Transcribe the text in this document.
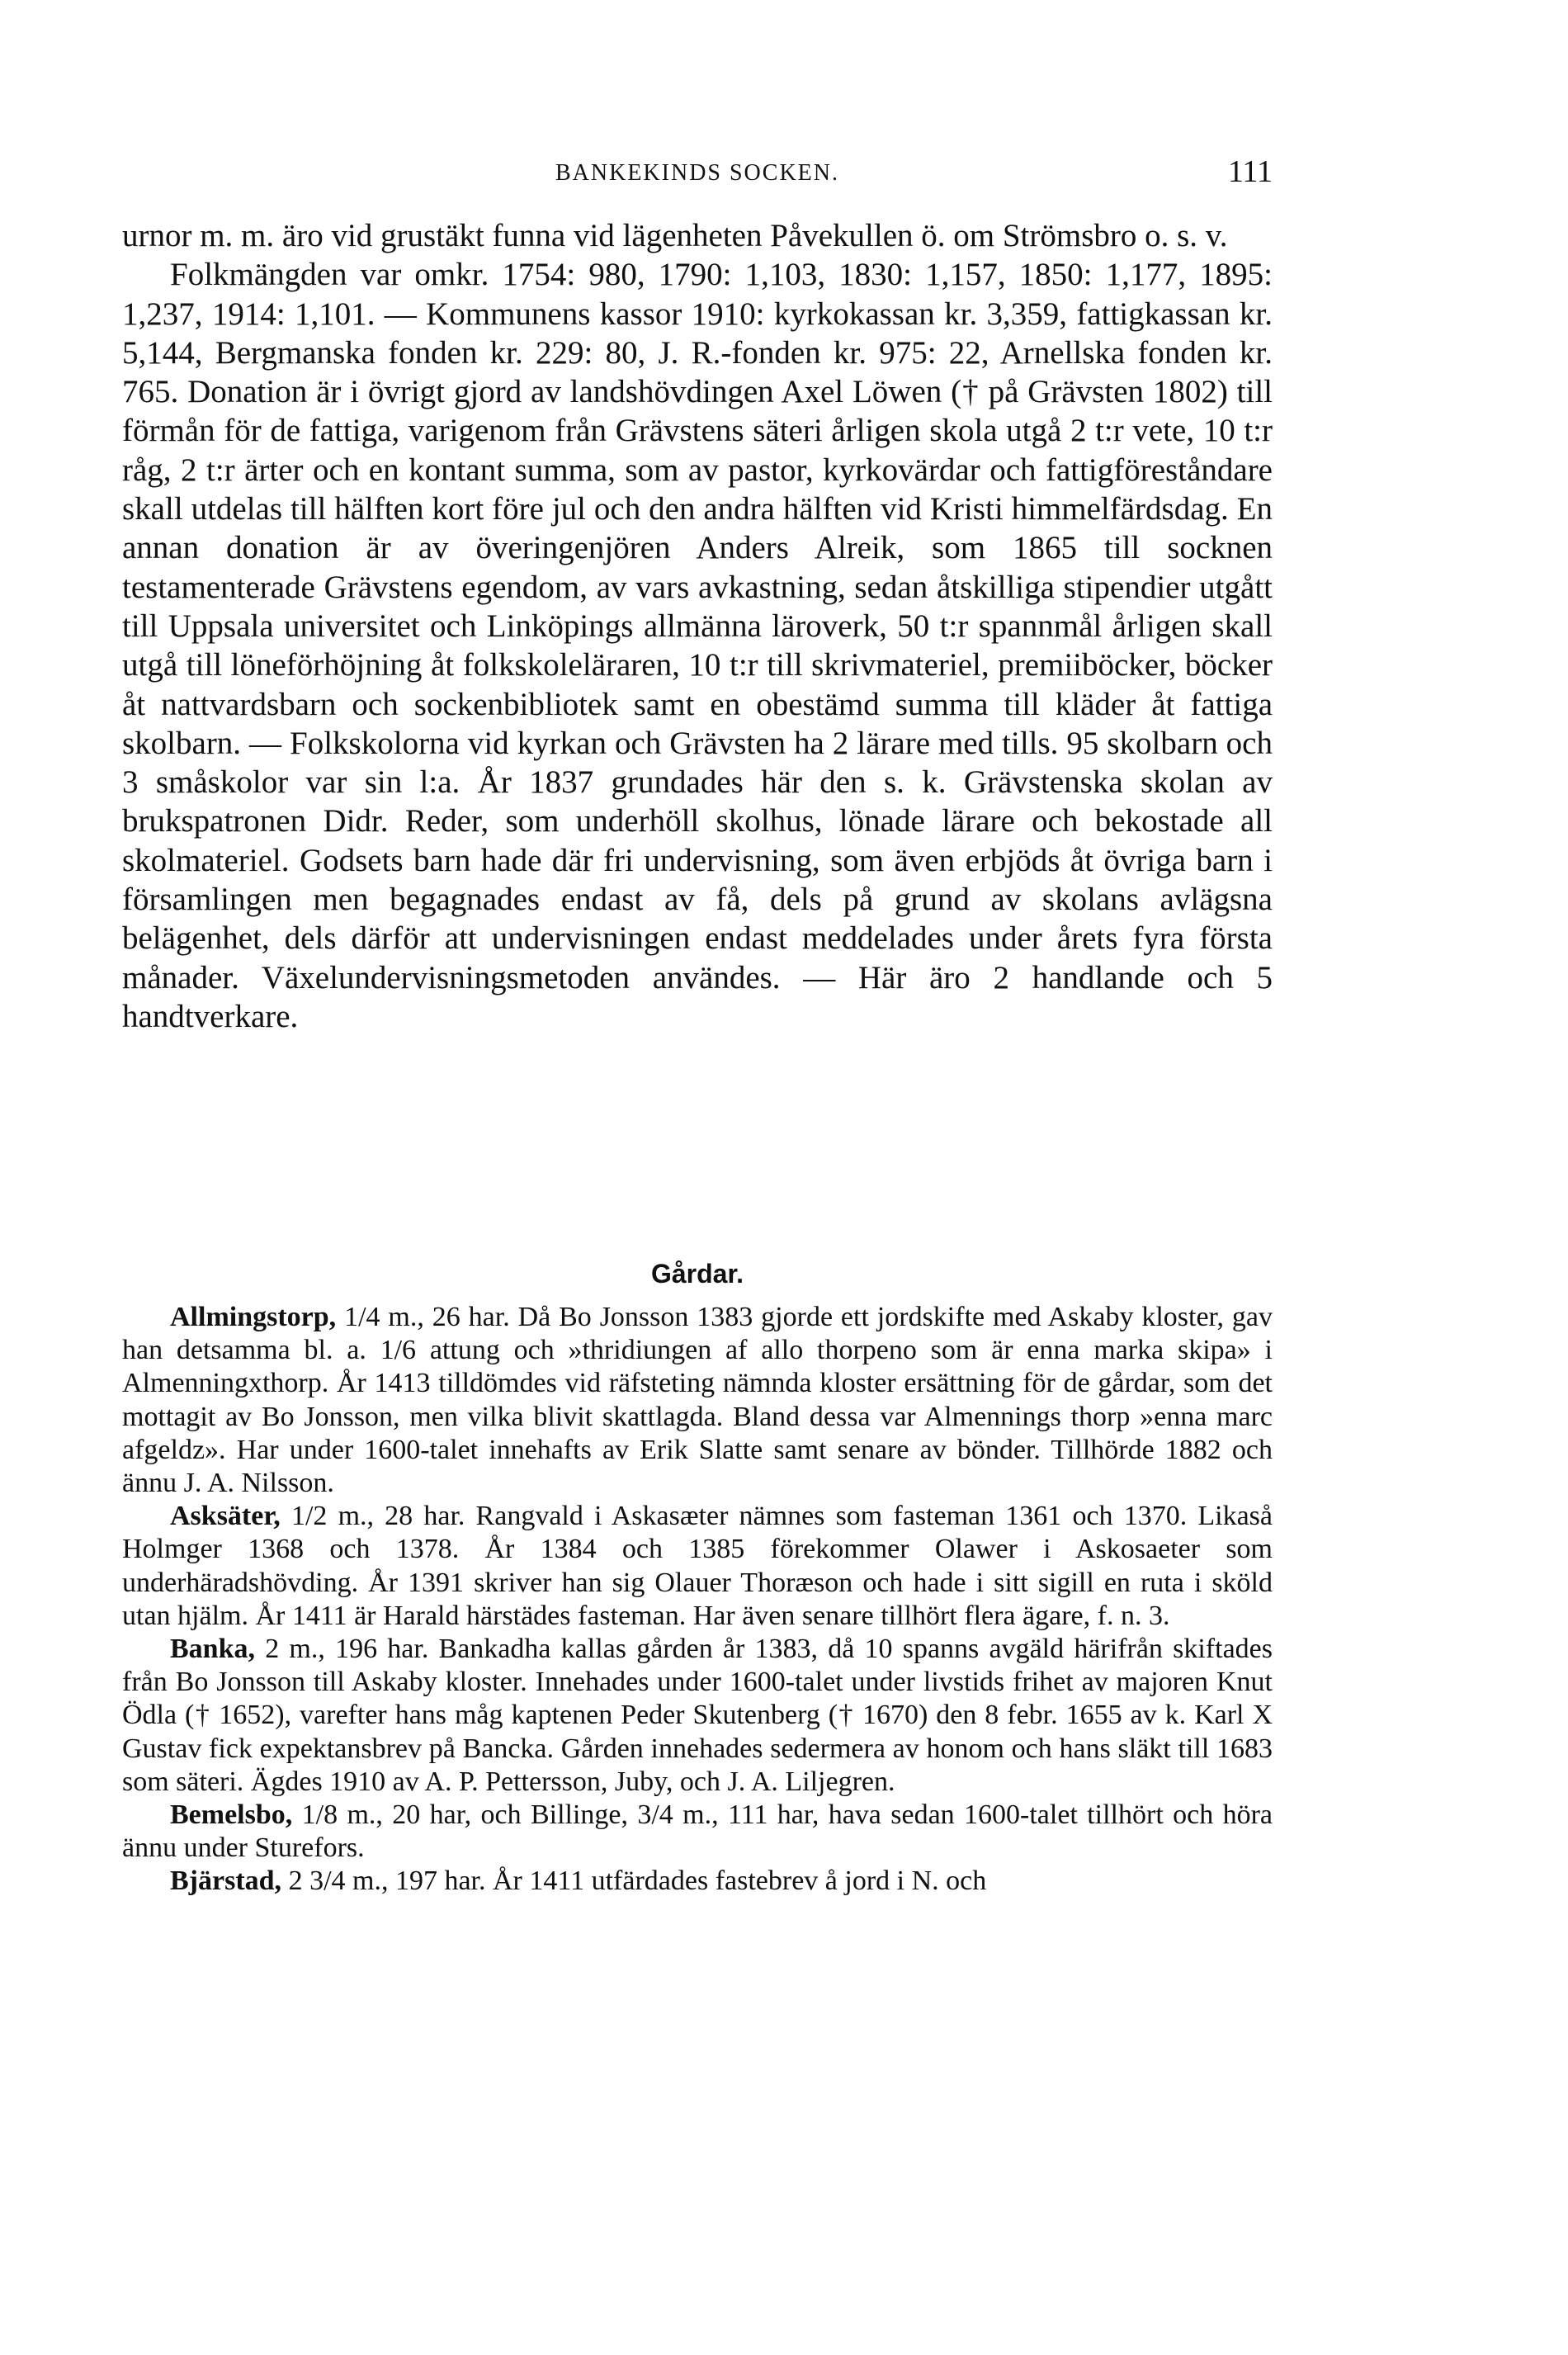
BANKEKINDS SOCKEN.	111

urnor m. m. äro vid grustäkt funna vid lägenheten Påvekullen ö. om Strömsbro o. s. v.

Folkmängden var omkr. 1754: 980, 1790: 1,103, 1830: 1,157, 1850: 1,177, 1895: 1,237, 1914: 1,101. — Kommunens kassor 1910: kyrkokassan kr. 3,359, fattigkassan kr. 5,144, Bergmanska fonden kr. 229: 80, J. R.-fonden kr. 975: 22, Arnellska fonden kr. 765. Donation är i övrigt gjord av landshövdingen Axel Löwen († på Grävsten 1802) till förmån för de fattiga, varigenom från Grävstens säteri årligen skola utgå 2 t:r vete, 10 t:r råg, 2 t:r ärter och en kontant summa, som av pastor, kyrkovärdar och fattigföreståndare skall utdelas till hälften kort före jul och den andra hälften vid Kristi himmelfärdsdag. En annan donation är av överingenjören Anders Alreik, som 1865 till socknen testamenterade Grävstens egendom, av vars avkastning, sedan åtskilliga stipendier utgått till Uppsala universitet och Linköpings allmänna läroverk, 50 t:r spannmål årligen skall utgå till löneförhöjning åt folkskoleläraren, 10 t:r till skrivmateriel, premiiböcker, böcker åt nattvardsbarn och sockenbibliotek samt en obestämd summa till kläder åt fattiga skolbarn. — Folkskolorna vid kyrkan och Grävsten ha 2 lärare med tills. 95 skolbarn och 3 småskolor var sin l:a. År 1837 grundades här den s. k. Grävstenska skolan av brukspatronen Didr. Reder, som underhöll skolhus, lönade lärare och bekostade all skolmateriel. Godsets barn hade där fri undervisning, som även erbjöds åt övriga barn i församlingen men begagnades endast av få, dels på grund av skolans avlägsna belägenhet, dels därför att undervisningen endast meddelades under årets fyra första månader. Växelundervisningsmetoden användes. — Här äro 2 handlande och 5 handtverkare.

Gårdar.

Allmingstorp, 1/4 m., 26 har. Då Bo Jonsson 1383 gjorde ett jordskifte med Askaby kloster, gav han detsamma bl. a. 1/6 attung och »thridiungen af allo thorpeno som är enna marka skipa» i Almenningxthorp. År 1413 tilldömdes vid räfsteting nämnda kloster ersättning för de gårdar, som det mottagit av Bo Jonsson, men vilka blivit skattlagda. Bland dessa var Almennings thorp »enna marc afgeldz». Har under 1600-talet innehafts av Erik Slatte samt senare av bönder. Tillhörde 1882 och ännu J. A. Nilsson.

Asksäter, 1/2 m., 28 har. Rangvald i Askasæter nämnes som fasteman 1361 och 1370. Likaså Holmger 1368 och 1378. År 1384 och 1385 förekommer Olawer i Askosaeter som underhäradshövding. År 1391 skriver han sig Olauer Thoræson och hade i sitt sigill en ruta i sköld utan hjälm. År 1411 är Harald härstädes fasteman. Har även senare tillhört flera ägare, f. n. 3.

Banka, 2 m., 196 har. Bankadha kallas gården år 1383, då 10 spanns avgäld härifrån skiftades från Bo Jonsson till Askaby kloster. Innehades under 1600-talet under livstids frihet av majoren Knut Ödla († 1652), varefter hans måg kaptenen Peder Skutenberg († 1670) den 8 febr. 1655 av k. Karl X Gustav fick expektansbrev på Bancka. Gården innehades sedermera av honom och hans släkt till 1683 som säteri. Ägdes 1910 av A. P. Pettersson, Juby, och J. A. Liljegren.

Bemelsbo, 1/8 m., 20 har, och Billinge, 3/4 m., 111 har, hava sedan 1600-talet tillhört och höra ännu under Sturefors.

Bjärstad, 2 3/4 m., 197 har. År 1411 utfärdades fastebrev å jord i N. och
